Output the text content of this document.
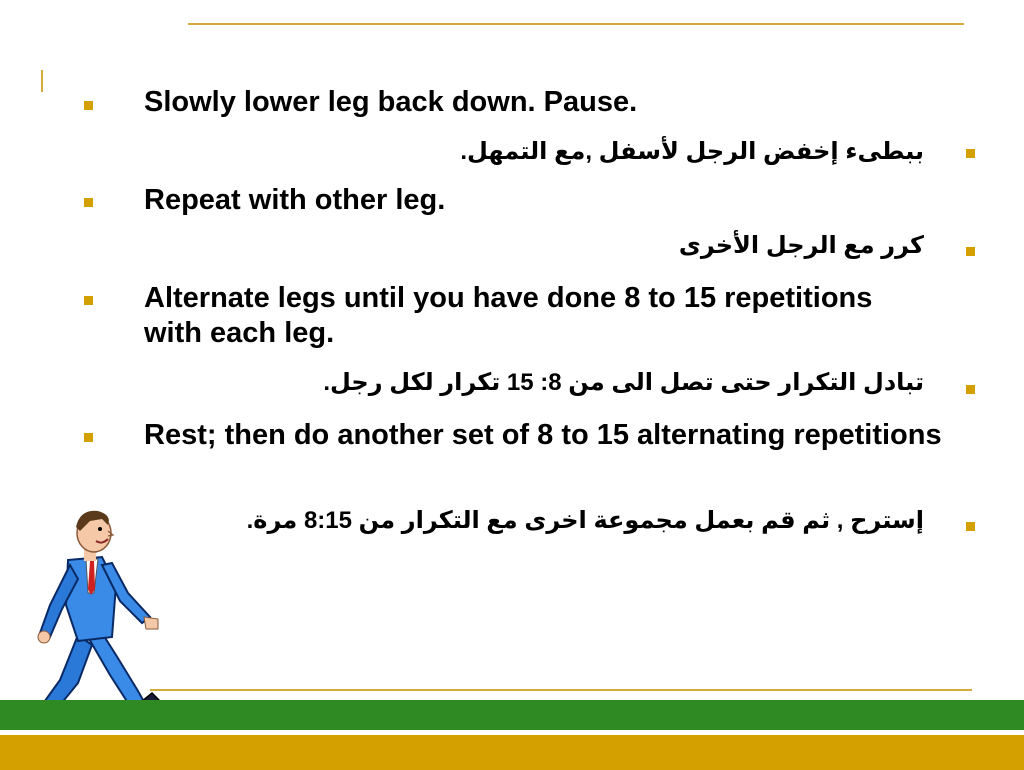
Slowly lower leg back down. Pause.
ببطىء إخفض الرجل لأسفل ,مع التمهل.
Repeat with other leg.
كرر مع الرجل الأخرى
Alternate legs until you have done 8 to 15 repetitions with each leg.
تبادل التكرار حتى تصل الى من 8: 15 تكرار لكل رجل.
Rest; then do another set of 8 to 15 alternating repetitions
إسترح , ثم قم بعمل مجموعة اخرى مع التكرار من 8:15 مرة.
